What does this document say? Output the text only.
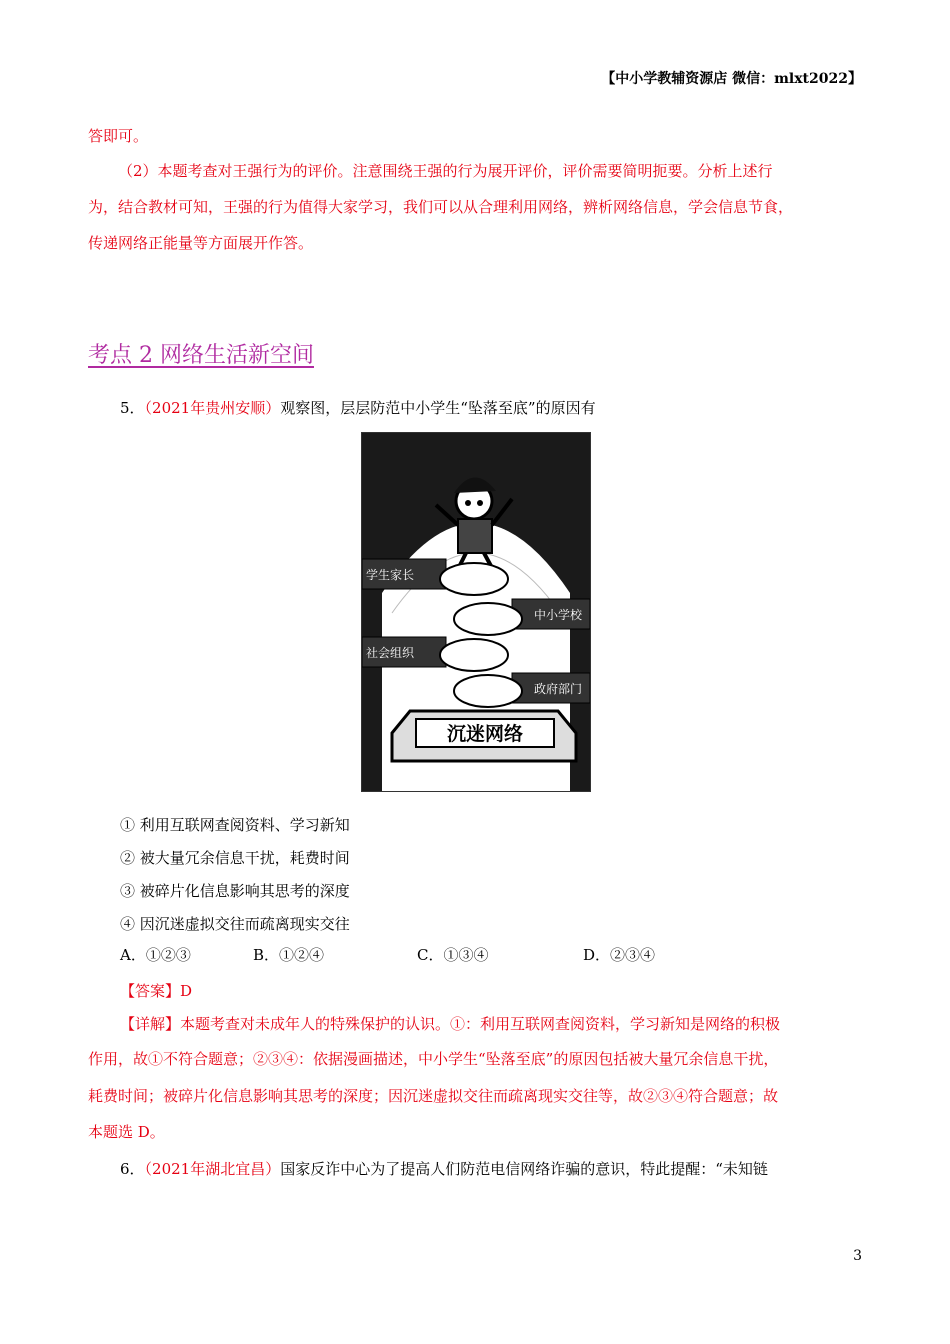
【中小学教辅资源店 微信：mlxt2022】
答即可。
（2）本题考查对王强行为的评价。注意围绕王强的行为展开评价，评价需要简明扼要。分析上述行
为，结合教材可知，王强的行为值得大家学习，我们可以从合理利用网络，辨析网络信息，学会信息节食，
传递网络正能量等方面展开作答。
考点 2 网络生活新空间
5．（2021年贵州安顺）观察图，层层防范中小学生“坠落至底”的原因有
学生家长
中小学校
社会组织
政府部门
沉迷网络
① 利用互联网查阅资料、学习新知
② 被大量冗余信息干扰，耗费时间
③ 被碎片化信息影响其思考的深度
④ 因沉迷虚拟交往而疏离现实交往
A．①②③	B．①②④	C．①③④	D．②③④
【答案】D
【详解】本题考查对未成年人的特殊保护的认识。①：利用互联网查阅资料，学习新知是网络的积极
作用，故①不符合题意；②③④：依据漫画描述，中小学生“坠落至底”的原因包括被大量冗余信息干扰，
耗费时间；被碎片化信息影响其思考的深度；因沉迷虚拟交往而疏离现实交往等，故②③④符合题意；故
本题选 D。
6．（2021年湖北宜昌）国家反诈中心为了提高人们防范电信网络诈骗的意识，特此提醒：“未知链
3
